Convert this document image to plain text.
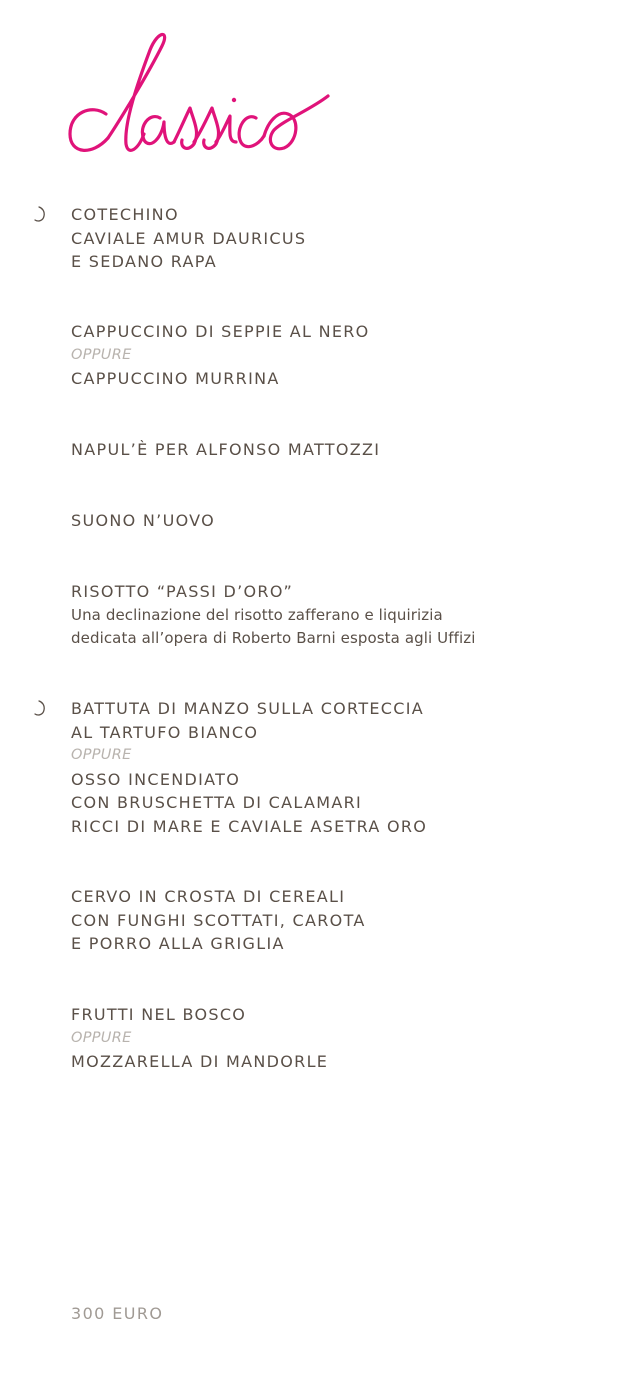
COTECHINO
CAVIALE AMUR DAURICUS
E SEDANO RAPA
CAPPUCCINO DI SEPPIE AL NERO
OPPURE
CAPPUCCINO MURRINA
NAPUL’È PER ALFONSO MATTOZZI
SUONO N’UOVO
RISOTTO “PASSI D’ORO”
Una declinazione del risotto zafferano e liquirizia
dedicata all’opera di Roberto Barni esposta agli Uffizi
BATTUTA DI MANZO SULLA CORTECCIA
AL TARTUFO BIANCO
OPPURE
OSSO INCENDIATO
CON BRUSCHETTA DI CALAMARI
RICCI DI MARE E CAVIALE ASETRA ORO
CERVO IN CROSTA DI CEREALI
CON FUNGHI SCOTTATI, CAROTA
E PORRO ALLA GRIGLIA
FRUTTI NEL BOSCO
OPPURE
MOZZARELLA DI MANDORLE
300 EURO
